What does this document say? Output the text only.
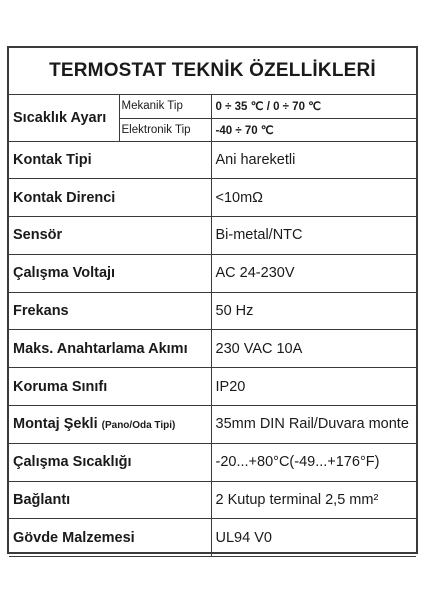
TERMOSTAT TEKNİK ÖZELLİKLERİ
Sıcaklık Ayarı	Mekanik Tip	0 ÷ 35 ℃ / 0 ÷ 70 ℃
	Elektronik Tip	-40 ÷ 70 ℃
Kontak Tipi		Ani hareketli
Kontak Direnci		<10mΩ
Sensör		Bi-metal/NTC
Çalışma Voltajı		AC 24-230V
Frekans		50 Hz
Maks. Anahtarlama Akımı		230 VAC 10A
Koruma Sınıfı		IP20
Montaj Şekli (Pano/Oda Tipi)		35mm DIN Rail/Duvara monte
Çalışma Sıcaklığı		-20...+80°C(-49...+176°F)
Bağlantı		2 Kutup terminal 2,5 mm²
Gövde Malzemesi		UL94 V0
